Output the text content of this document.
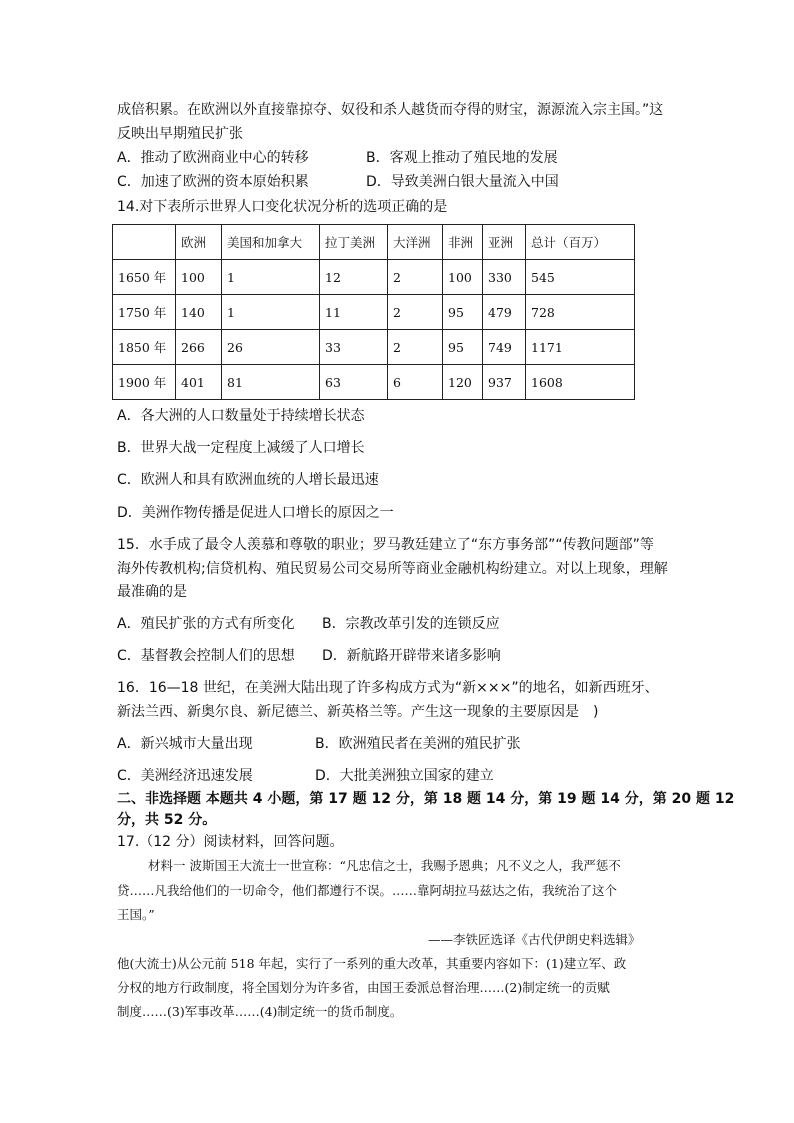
成倍积累。在欧洲以外直接靠掠夺、奴役和杀人越货而夺得的财宝，源源流入宗主国。”这
反映出早期殖民扩张
A．推动了欧洲商业中心的转移	B．客观上推动了殖民地的发展
C．加速了欧洲的资本原始积累	D．导致美洲白银大量流入中国
14.对下表所示世界人口变化状况分析的选项正确的是
	欧洲	美国和加拿大	拉丁美洲	大洋洲	非洲	亚洲	总计（百万）
1650 年	100	1	12	2	100	330	545
1750 年	140	1	11	2	95	479	728
1850 年	266	26	33	2	95	749	1171
1900 年	401	81	63	6	120	937	1608
A．各大洲的人口数量处于持续增长状态
B．世界大战一定程度上减缓了人口增长
C．欧洲人和具有欧洲血统的人增长最迅速
D．美洲作物传播是促进人口增长的原因之一
15．水手成了最令人羡慕和尊敬的职业；罗马教廷建立了“东方事务部”“传教问题部”等
海外传教机构;信贷机构、殖民贸易公司交易所等商业金融机构纷建立。对以上现象，理解
最准确的是
A．殖民扩张的方式有所变化 B．宗教改革引发的连锁反应
C．基督教会控制人们的思想 D．新航路开辟带来诸多影响
16．16—18 世纪，在美洲大陆出现了许多构成方式为“新×××”的地名，如新西班牙、
新法兰西、新奥尔良、新尼德兰、新英格兰等。产生这一现象的主要原因是　)
A．新兴城市大量出现	B．欧洲殖民者在美洲的殖民扩张
C．美洲经济迅速发展	D．大批美洲独立国家的建立
二、非选择题 本题共 4 小题，第 17 题 12 分，第 18 题 14 分，第 19 题 14 分，第 20 题 12
分，共 52 分。
17.（12 分）阅读材料，回答问题。
材料一 波斯国王大流士一世宣称：“凡忠信之士，我赐予恩典；凡不义之人，我严惩不
贷……凡我给他们的一切命令，他们都遵行不误。……靠阿胡拉马兹达之佑，我统治了这个
王国。”
——李铁匠选译《古代伊朗史料选辑》
他(大流士)从公元前 518 年起，实行了一系列的重大改革，其重要内容如下：(1)建立军、政
分权的地方行政制度，将全国划分为许多省，由国王委派总督治理……(2)制定统一的贡赋
制度……(3)军事改革……(4)制定统一的货币制度。
